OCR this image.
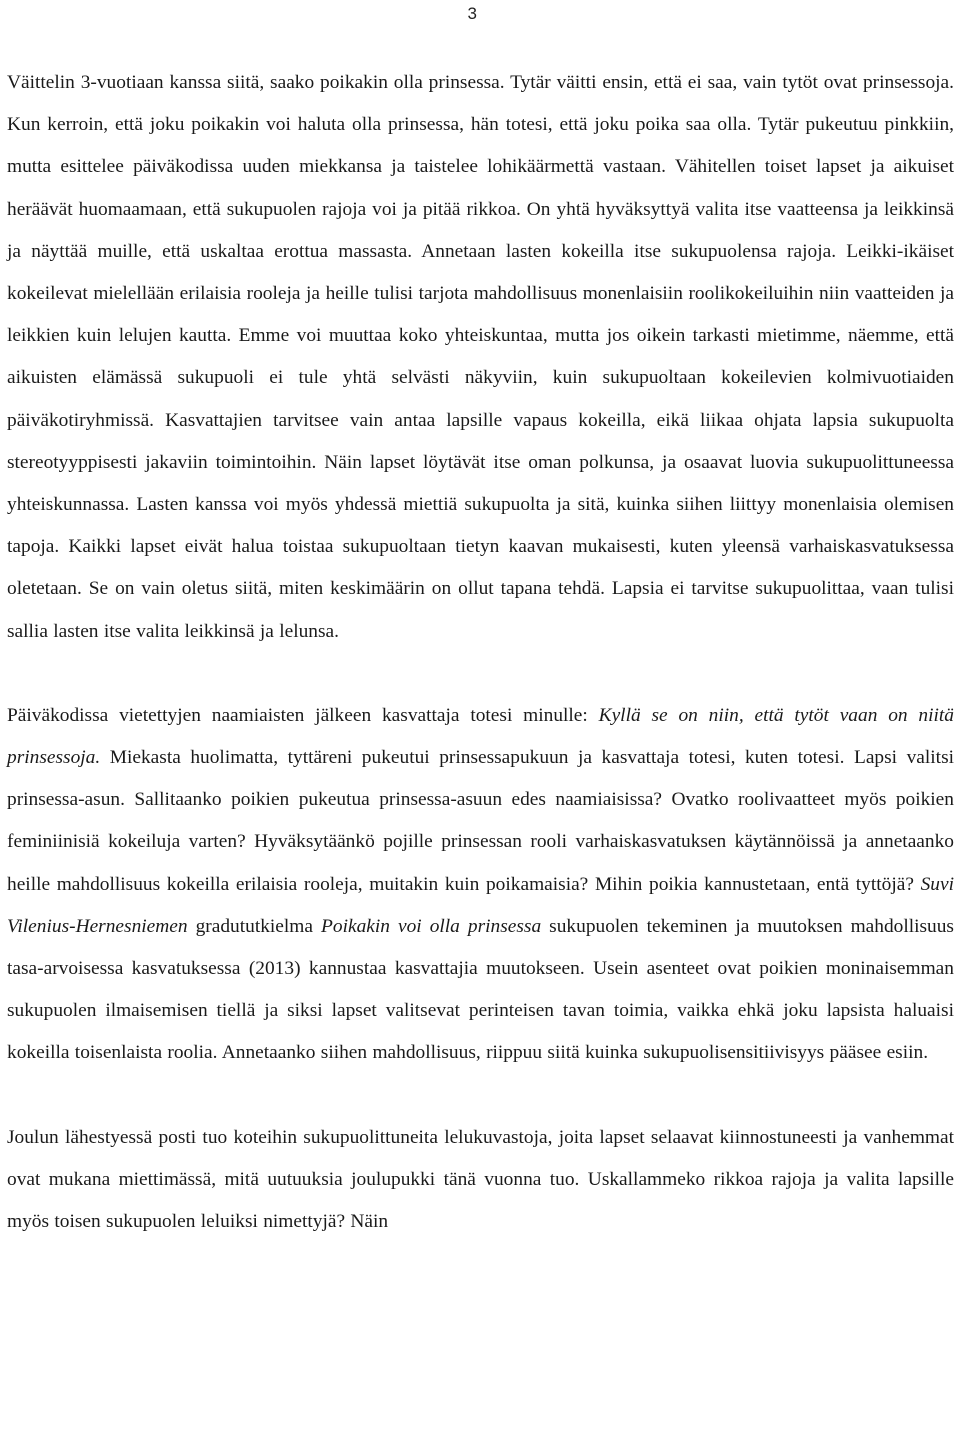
3

Väittelin 3-vuotiaan kanssa siitä, saako poikakin olla prinsessa. Tytär väitti ensin, että ei saa, vain tytöt ovat prinsessoja. Kun kerroin, että joku poikakin voi haluta olla prinsessa, hän totesi, että joku poika saa olla. Tytär pukeutuu pinkkiin, mutta esittelee päiväkodissa uuden miekkansa ja taistelee lohikäärmettä vastaan. Vähitellen toiset lapset ja aikuiset heräävät huomaamaan, että sukupuolen rajoja voi ja pitää rikkoa. On yhtä hyväksyttyä valita itse vaatteensa ja leikkinsä ja näyttää muille, että uskaltaa erottua massasta. Annetaan lasten kokeilla itse sukupuolensa rajoja. Leikki-ikäiset kokeilevat mielellään erilaisia rooleja ja heille tulisi tarjota mahdollisuus monenlaisiin roolikokeiluihin niin vaatteiden ja leikkien kuin lelujen kautta. Emme voi muuttaa koko yhteiskuntaa, mutta jos oikein tarkasti mietimme, näemme, että aikuisten elämässä sukupuoli ei tule yhtä selvästi näkyviin, kuin sukupuoltaan kokeilevien kolmivuotiaiden päiväkotiryhmissä. Kasvattajien tarvitsee vain antaa lapsille vapaus kokeilla, eikä liikaa ohjata lapsia sukupuolta stereotyyppisesti jakaviin toimintoihin. Näin lapset löytävät itse oman polkunsa, ja osaavat luovia sukupuolittuneessa yhteiskunnassa. Lasten kanssa voi myös yhdessä miettiä sukupuolta ja sitä, kuinka siihen liittyy monenlaisia olemisen tapoja. Kaikki lapset eivät halua toistaa sukupuoltaan tietyn kaavan mukaisesti, kuten yleensä varhaiskasvatuksessa oletetaan. Se on vain oletus siitä, miten keskimäärin on ollut tapana tehdä. Lapsia ei tarvitse sukupuolittaa, vaan tulisi sallia lasten itse valita leikkinsä ja lelunsa.

Päiväkodissa vietettyjen naamiaisten jälkeen kasvattaja totesi minulle: Kyllä se on niin, että tytöt vaan on niitä prinsessoja. Miekasta huolimatta, tyttäreni pukeutui prinsessapukuun ja kasvattaja totesi, kuten totesi. Lapsi valitsi prinsessa-asun. Sallitaanko poikien pukeutua prinsessa-asuun edes naamiaisissa? Ovatko roolivaatteet myös poikien feminiinisiä kokeiluja varten? Hyväksytäänkö pojille prinsessan rooli varhaiskasvatuksen käytännöissä ja annetaanko heille mahdollisuus kokeilla erilaisia rooleja, muitakin kuin poikamaisia? Mihin poikia kannustetaan, entä tyttöjä? Suvi Vilenius-Hernesniemen gradututkielma Poikakin voi olla prinsessa sukupuolen tekeminen ja muutoksen mahdollisuus tasa-arvoisessa kasvatuksessa (2013) kannustaa kasvattajia muutokseen. Usein asenteet ovat poikien moninaisemman sukupuolen ilmaisemisen tiellä ja siksi lapset valitsevat perinteisen tavan toimia, vaikka ehkä joku lapsista haluaisi kokeilla toisenlaista roolia. Annetaanko siihen mahdollisuus, riippuu siitä kuinka sukupuolisensitiivisyys pääsee esiin.

Joulun lähestyessä posti tuo koteihin sukupuolittuneita lelukuvastoja, joita lapset selaavat kiinnostuneesti ja vanhemmat ovat mukana miettimässä, mitä uutuuksia joulupukki tänä vuonna tuo. Uskallammeko rikkoa rajoja ja valita lapsille myös toisen sukupuolen leluiksi nimettyjä? Näin
